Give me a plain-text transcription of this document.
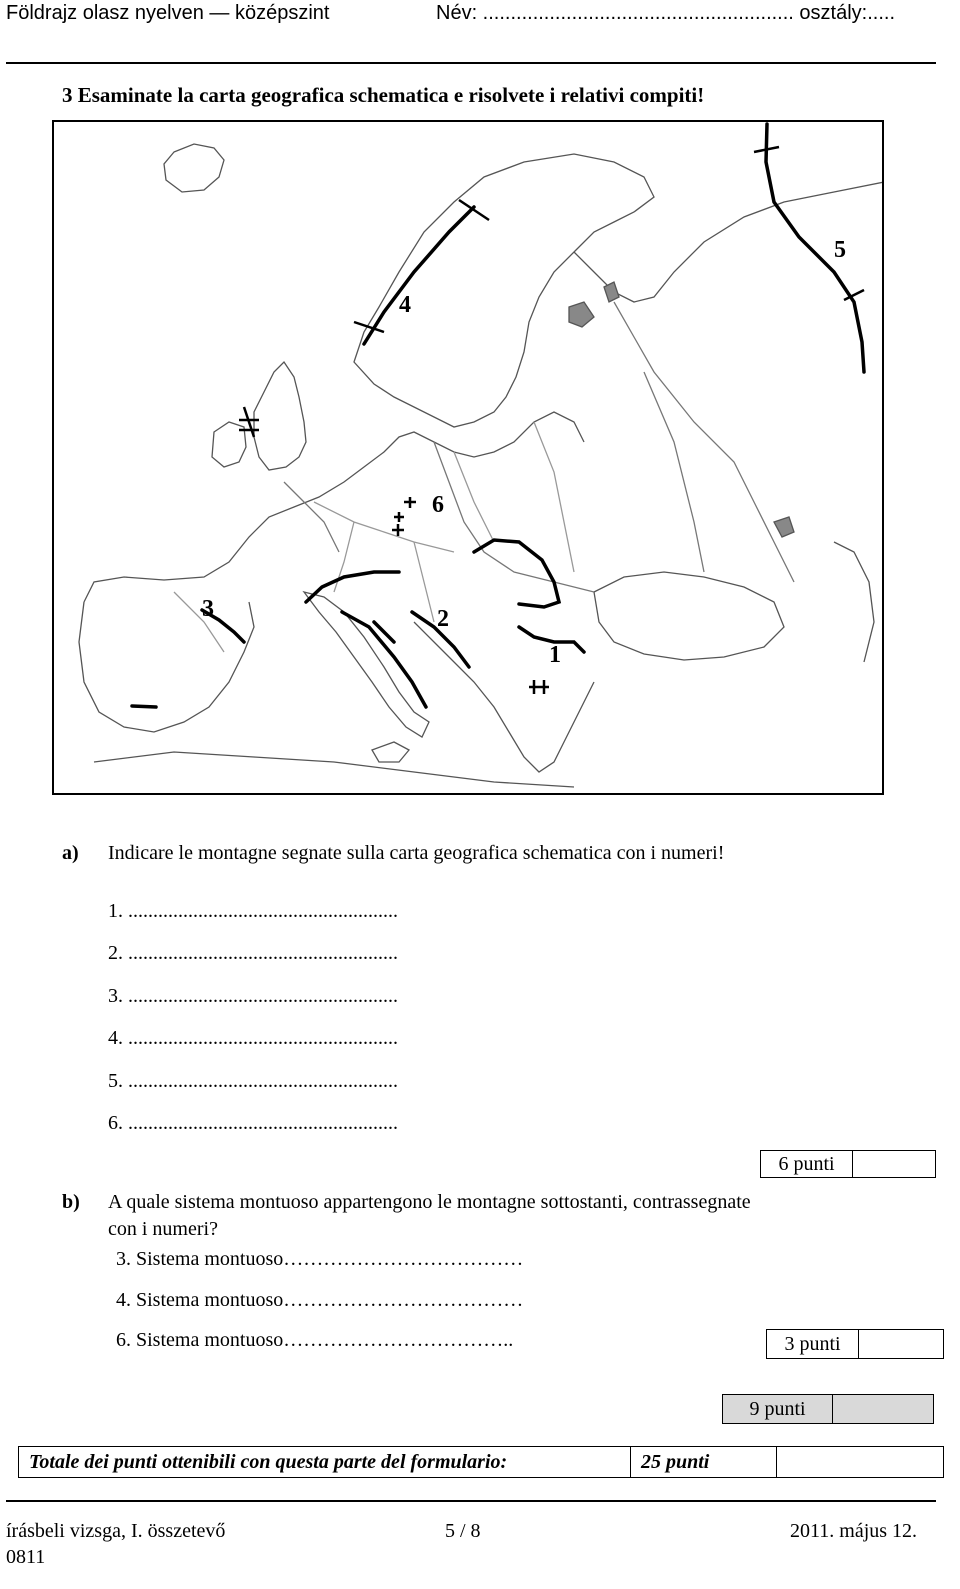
Földrajz olasz nyelven — középszint	Név: ........................................................ osztály:.....
3 Esaminate la carta geografica schematica e risolvete i relativi compiti!
1
2
3
4
5
6
a) Indicare le montagne segnate sulla carta geografica schematica con i numeri!
1. ......................................................
2. ......................................................
3. ......................................................
4. ......................................................
5. ......................................................
6. ......................................................
6 punti
b) A quale sistema montuoso appartengono le montagne sottostanti, contrassegnate
con i numeri?
3. Sistema montuoso………………………………
4. Sistema montuoso………………………………
6. Sistema montuoso……………………………..	3 punti
9 punti
Totale dei punti ottenibili con questa parte del formulario:	25 punti
írásbeli vizsga, I. összetevő
0811
5 / 8	2011. május 12.
